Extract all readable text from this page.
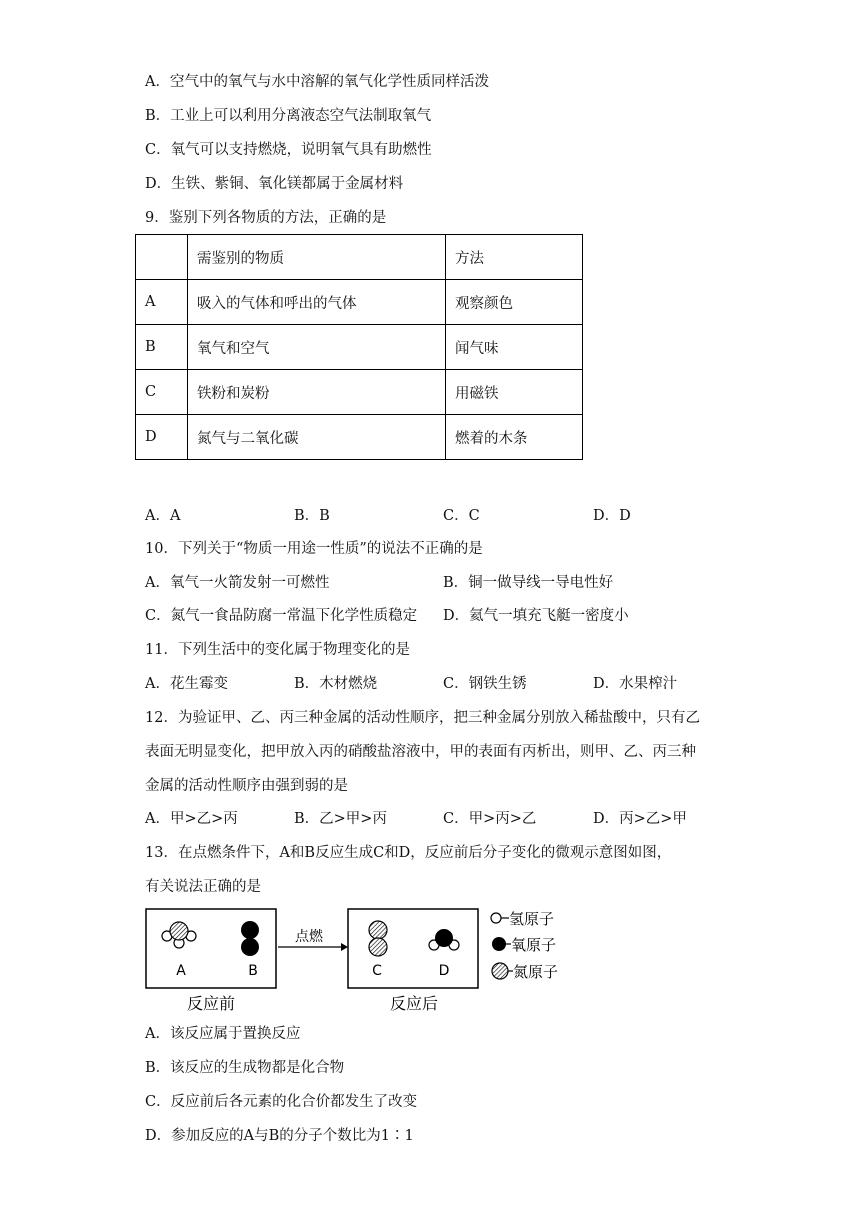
A．空气中的氧气与水中溶解的氧气化学性质同样活泼
B．工业上可以利用分离液态空气法制取氧气
C．氧气可以支持燃烧，说明氧气具有助燃性
D．生铁、紫铜、氧化镁都属于金属材料
9．鉴别下列各物质的方法，正确的是
	需鉴别的物质	方法
A	吸入的气体和呼出的气体	观察颜色
B	氧气和空气	闻气味
C	铁粉和炭粉	用磁铁
D	氮气与二氧化碳	燃着的木条
A．A	B．B	C．C	D．D
10．下列关于“物质一用途一性质”的说法不正确的是
A．氧气一火箭发射一可燃性	B．铜一做导线一导电性好
C．氮气一食品防腐一常温下化学性质稳定 D．氦气一填充飞艇一密度小
11．下列生活中的变化属于物理变化的是
A．花生霉变	B．木材燃烧	C．钢铁生锈	D．水果榨汁
12．为验证甲、乙、丙三种金属的活动性顺序，把三种金属分别放入稀盐酸中，只有乙
表面无明显变化，把甲放入丙的硝酸盐溶液中，甲的表面有丙析出，则甲、乙、丙三种
金属的活动性顺序由强到弱的是
A．甲>乙>丙	B．乙>甲>丙	C．甲>丙>乙	D．丙>乙>甲
13．在点燃条件下，A和B反应生成C和D，反应前后分子变化的微观示意图如图，
有关说法正确的是
A	B
点燃
C	D
反应前	反应后
氢原子
氧原子
氮原子
A．该反应属于置换反应
B．该反应的生成物都是化合物
C．反应前后各元素的化合价都发生了改变
D．参加反应的A与B的分子个数比为1∶1
